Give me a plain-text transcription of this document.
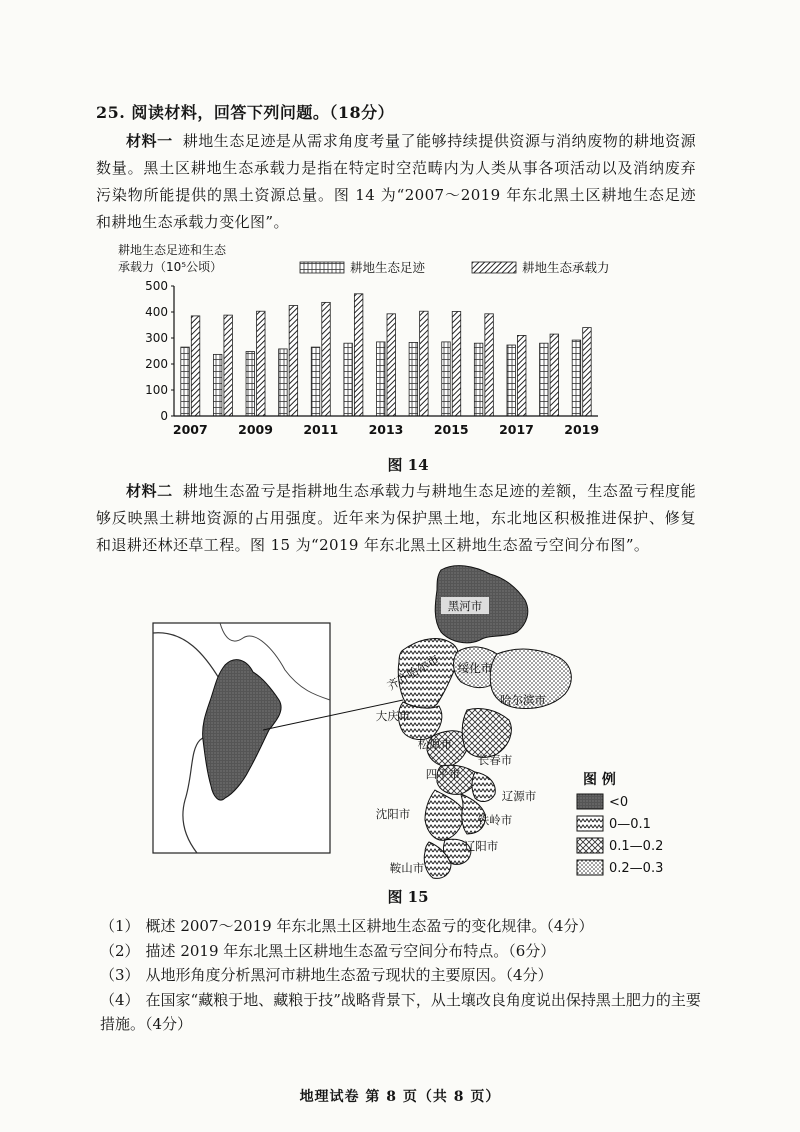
25. 阅读材料，回答下列问题。（18分）
材料一 耕地生态足迹是从需求角度考量了能够持续提供资源与消纳废物的耕地资源数量。黑土区耕地生态承载力是指在特定时空范畴内为人类从事各项活动以及消纳废弃污染物所能提供的黑土资源总量。图 14 为“2007～2019 年东北黑土区耕地生态足迹和耕地生态承载力变化图”。
耕地生态足迹和生态
承载力（10⁵公顷）	耕地生态足迹	耕地生态承载力
0
100
200
300
400
500
2007 2009 2011 2013 2015 2017 2019
图 14
材料二 耕地生态盈亏是指耕地生态承载力与耕地生态足迹的差额，生态盈亏程度能够反映黑土耕地资源的占用强度。近年来为保护黑土地，东北地区积极推进保护、修复和退耕还林还草工程。图 15 为“2019 年东北黑土区耕地生态盈亏空间分布图”。
黑河市
齐齐哈尔市 绥化市
哈尔滨市
大庆市
松原市
长春市
四平市
辽源市
沈阳市	铁岭市
辽阳市
鞍山市
图 例
<0
0—0.1
0.1—0.2
0.2—0.3
图 15

（1） 概述 2007～2019 年东北黑土区耕地生态盈亏的变化规律。（4分）

（2） 描述 2019 年东北黑土区耕地生态盈亏空间分布特点。（6分）

（3） 从地形角度分析黑河市耕地生态盈亏现状的主要原因。（4分）

（4） 在国家“藏粮于地、藏粮于技”战略背景下，从土壤改良角度说出保持黑土肥力的主要措施。（4分）

地理试卷 第 8 页（共 8 页）
